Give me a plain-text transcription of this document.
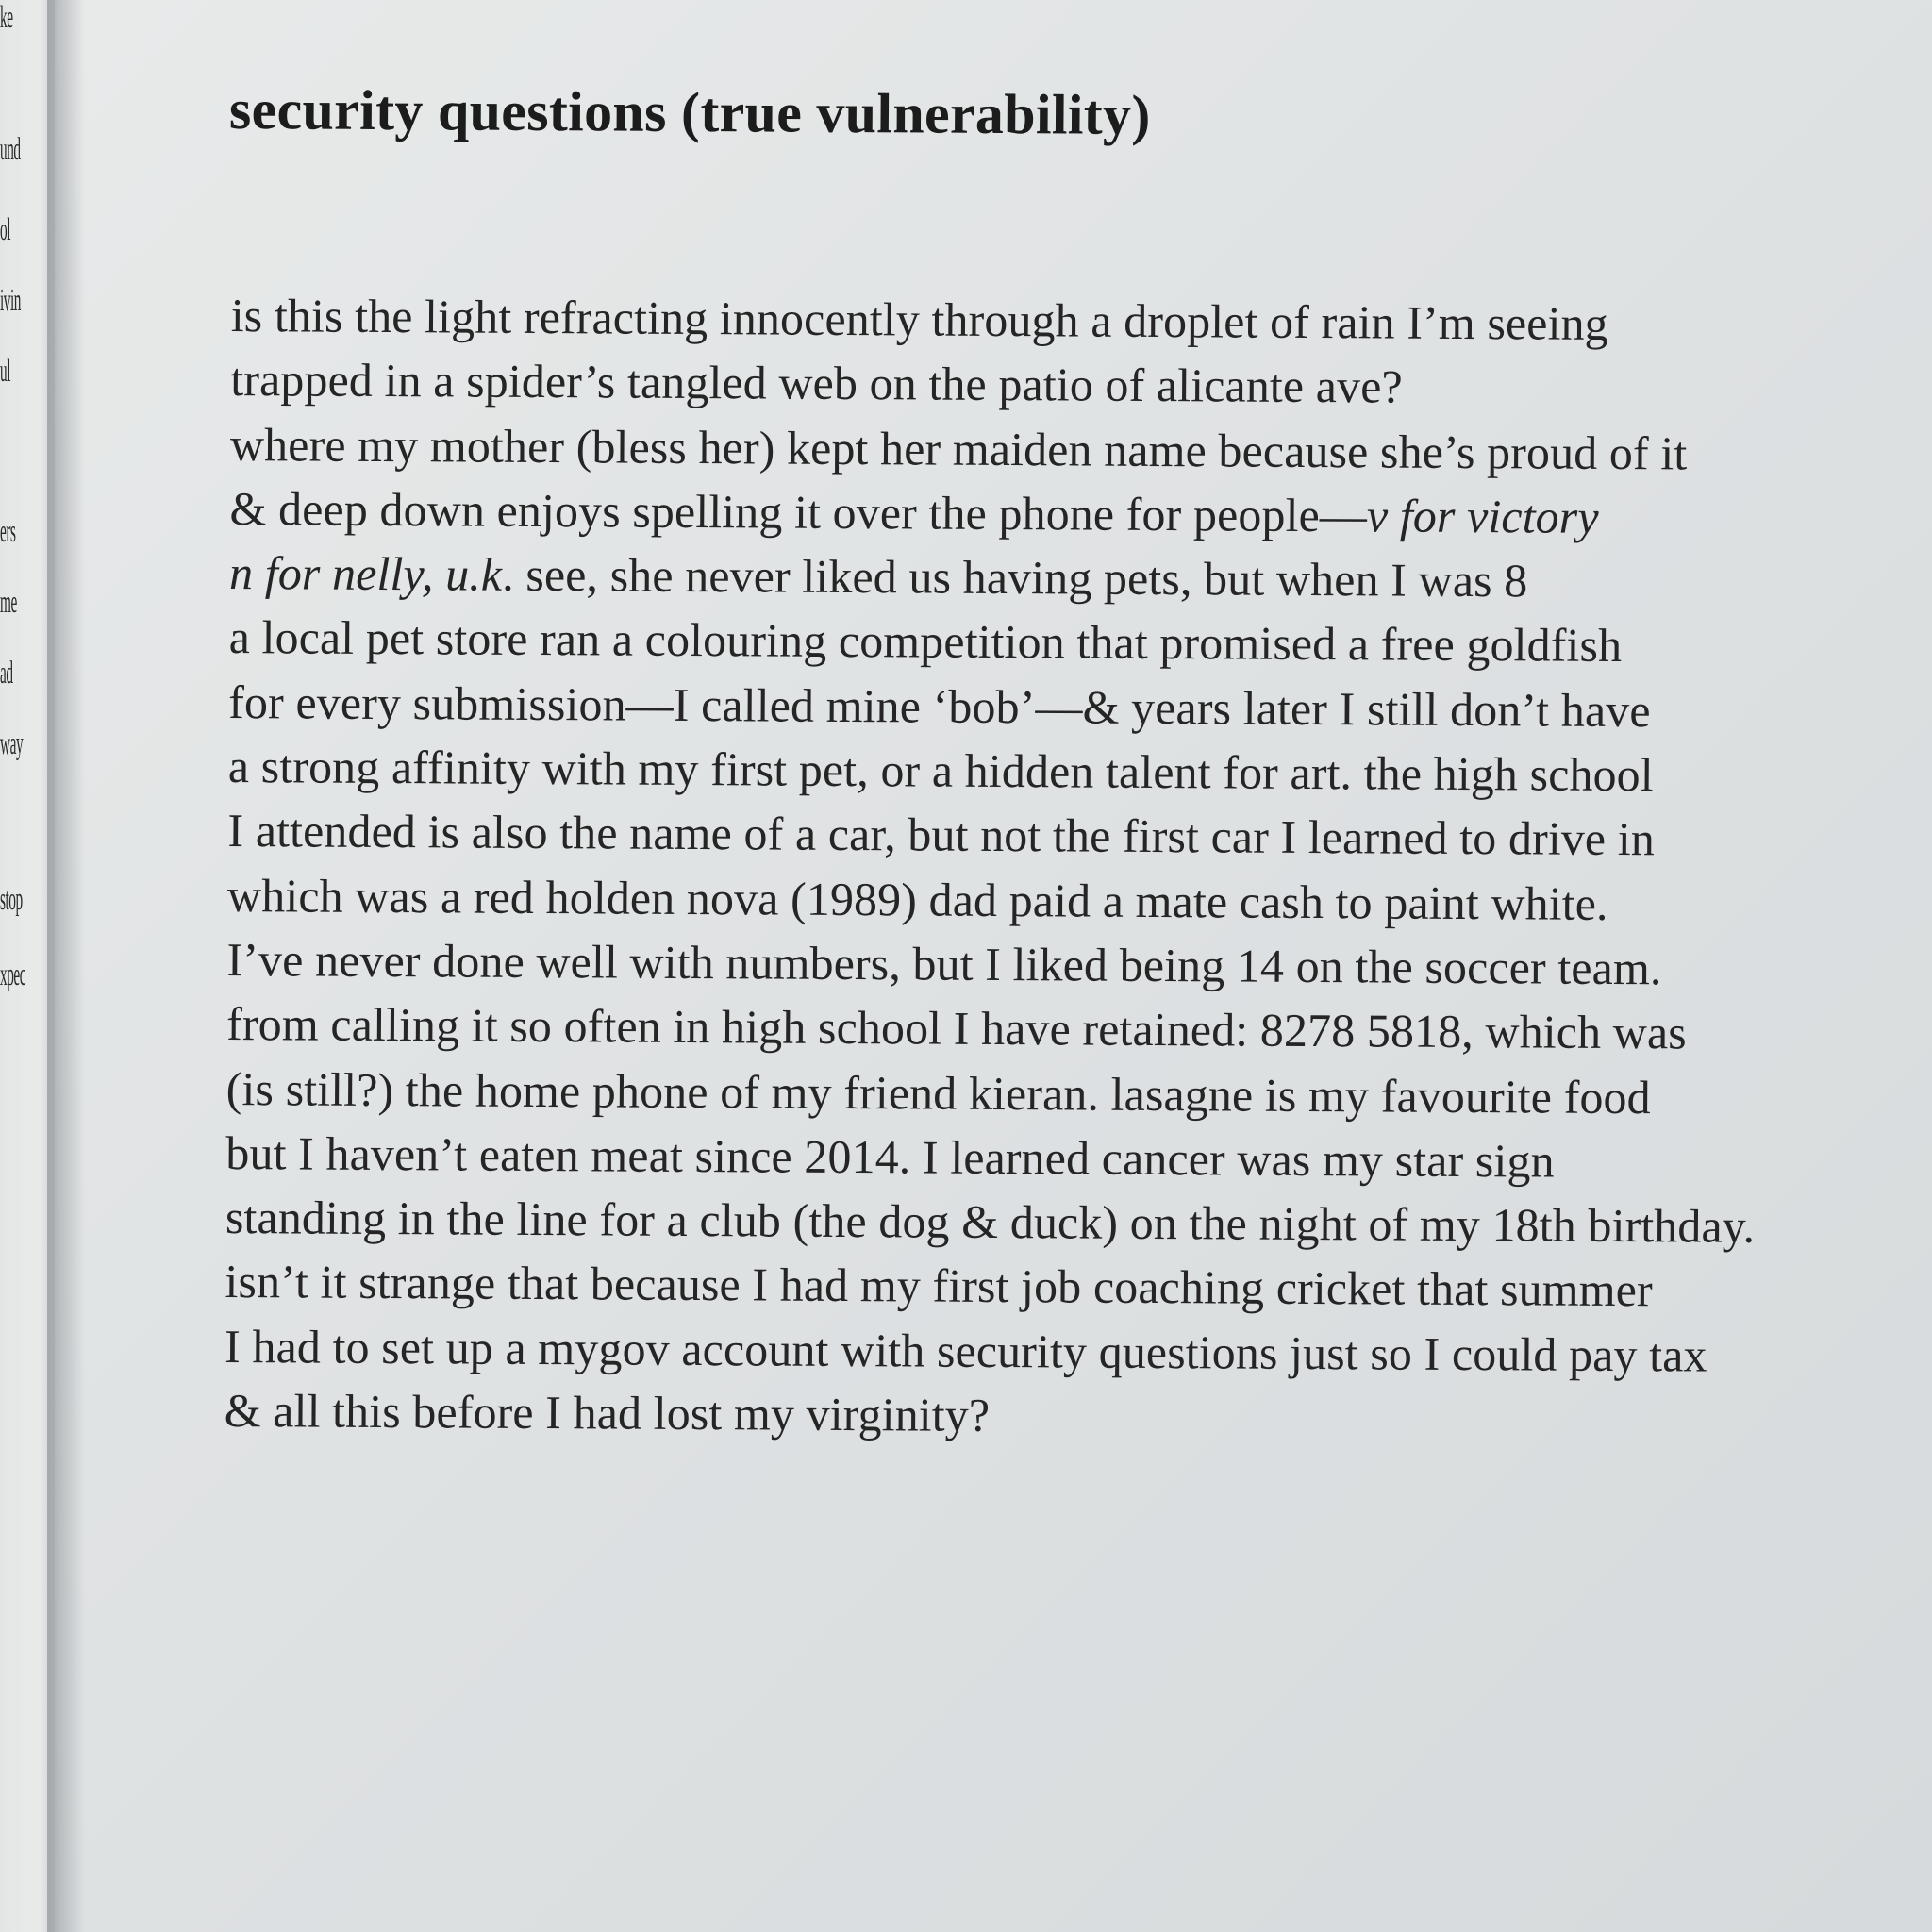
ke
und
ol
ivin
ul
ers
me
ad
way
stop
xpec
security questions (true vulnerability)
is this the light refracting innocently through a droplet of rain I’m seeing
trapped in a spider’s tangled web on the patio of alicante ave?
where my mother (bless her) kept her maiden name because she’s proud of it
& deep down enjoys spelling it over the phone for people—v for victory
n for nelly, u.k. see, she never liked us having pets, but when I was 8
a local pet store ran a colouring competition that promised a free goldfish
for every submission—I called mine ‘bob’—& years later I still don’t have
a strong affinity with my first pet, or a hidden talent for art. the high school
I attended is also the name of a car, but not the first car I learned to drive in
which was a red holden nova (1989) dad paid a mate cash to paint white.
I’ve never done well with numbers, but I liked being 14 on the soccer team.
from calling it so often in high school I have retained: 8278 5818, which was
(is still?) the home phone of my friend kieran. lasagne is my favourite food
but I haven’t eaten meat since 2014. I learned cancer was my star sign
standing in the line for a club (the dog & duck) on the night of my 18th birthday.
isn’t it strange that because I had my first job coaching cricket that summer
I had to set up a mygov account with security questions just so I could pay tax
& all this before I had lost my virginity?
